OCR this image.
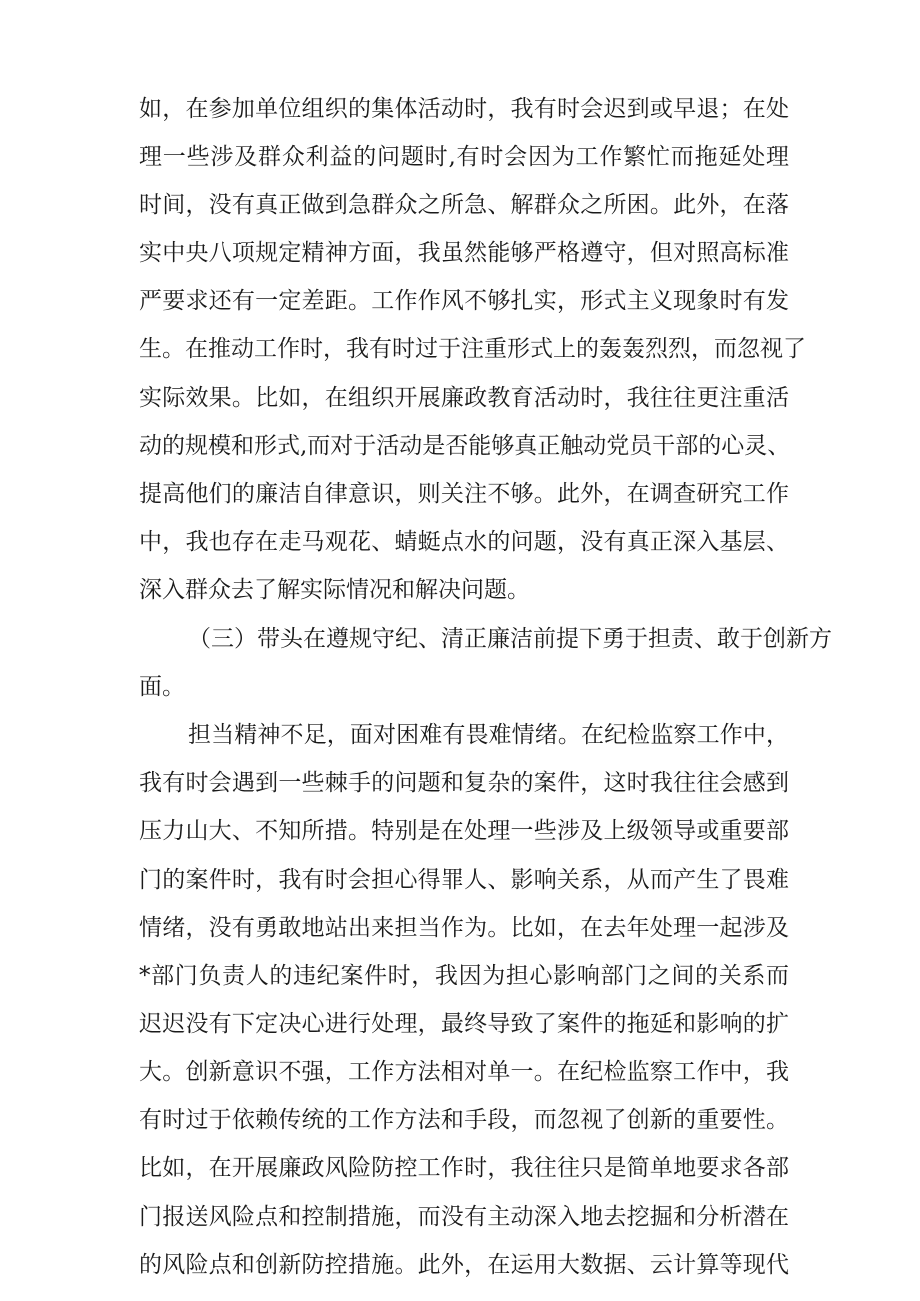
如，在参加单位组织的集体活动时，我有时会迟到或早退；在处
理一些涉及群众利益的问题时,有时会因为工作繁忙而拖延处理
时间，没有真正做到急群众之所急、解群众之所困。此外，在落
实中央八项规定精神方面，我虽然能够严格遵守，但对照高标准
严要求还有一定差距。工作作风不够扎实，形式主义现象时有发
生。在推动工作时，我有时过于注重形式上的轰轰烈烈，而忽视了
实际效果。比如，在组织开展廉政教育活动时，我往往更注重活
动的规模和形式,而对于活动是否能够真正触动党员干部的心灵、
提高他们的廉洁自律意识，则关注不够。此外，在调查研究工作
中，我也存在走马观花、蜻蜓点水的问题，没有真正深入基层、
深入群众去了解实际情况和解决问题。
（三）带头在遵规守纪、清正廉洁前提下勇于担责、敢于创新方
面。
担当精神不足，面对困难有畏难情绪。在纪检监察工作中，
我有时会遇到一些棘手的问题和复杂的案件，这时我往往会感到
压力山大、不知所措。特别是在处理一些涉及上级领导或重要部
门的案件时，我有时会担心得罪人、影响关系，从而产生了畏难
情绪，没有勇敢地站出来担当作为。比如，在去年处理一起涉及
*部门负责人的违纪案件时，我因为担心影响部门之间的关系而
迟迟没有下定决心进行处理，最终导致了案件的拖延和影响的扩
大。创新意识不强，工作方法相对单一。在纪检监察工作中，我
有时过于依赖传统的工作方法和手段，而忽视了创新的重要性。
比如，在开展廉政风险防控工作时，我往往只是简单地要求各部
门报送风险点和控制措施，而没有主动深入地去挖掘和分析潜在
的风险点和创新防控措施。此外，在运用大数据、云计算等现代
